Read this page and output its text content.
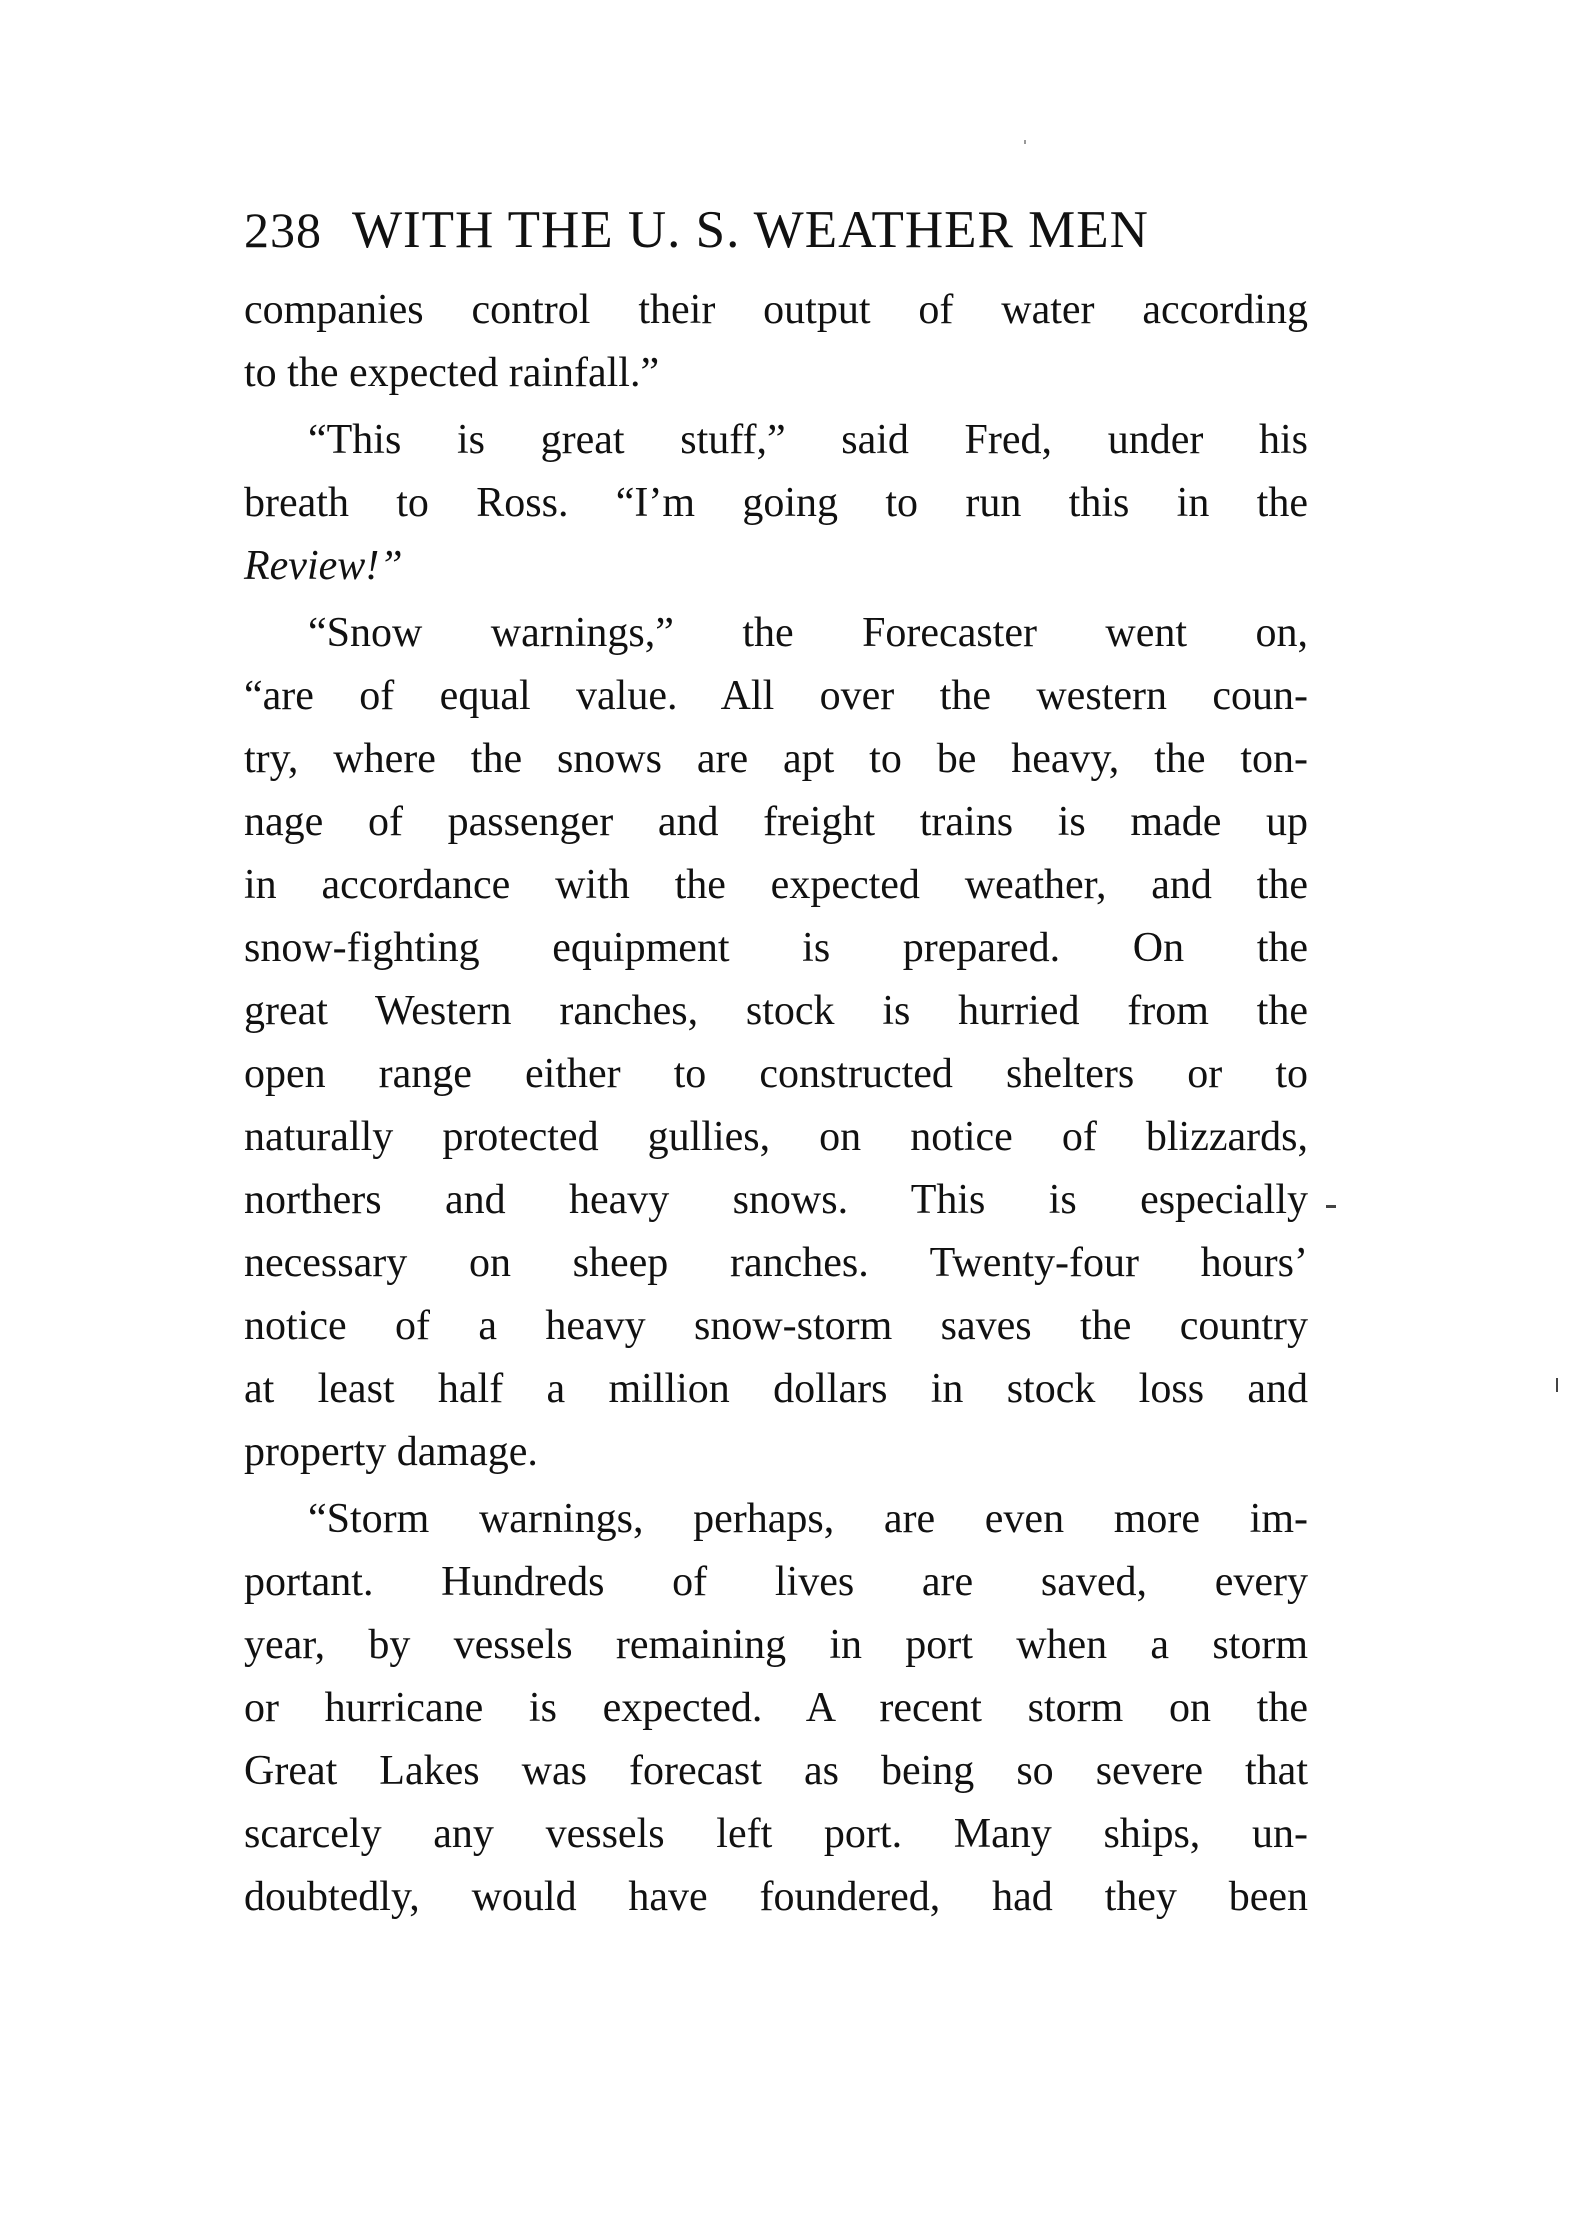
238 WITH THE U. S. WEATHER MEN
companies control their output of water according
to the expected rainfall.”
“This is great stuff,” said Fred, under his
breath to Ross. “I’m going to run this in the
Review!”
“Snow warnings,” the Forecaster went on,
“are of equal value. All over the western coun-
try, where the snows are apt to be heavy, the ton-
nage of passenger and freight trains is made up
in accordance with the expected weather, and the
snow-fighting equipment is prepared. On the
great Western ranches, stock is hurried from the
open range either to constructed shelters or to
naturally protected gullies, on notice of blizzards,
northers and heavy snows. This is especially
necessary on sheep ranches. Twenty-four hours’
notice of a heavy snow-storm saves the country
at least half a million dollars in stock loss and
property damage.
“Storm warnings, perhaps, are even more im-
portant. Hundreds of lives are saved, every
year, by vessels remaining in port when a storm
or hurricane is expected. A recent storm on the
Great Lakes was forecast as being so severe that
scarcely any vessels left port. Many ships, un-
doubtedly, would have foundered, had they been
